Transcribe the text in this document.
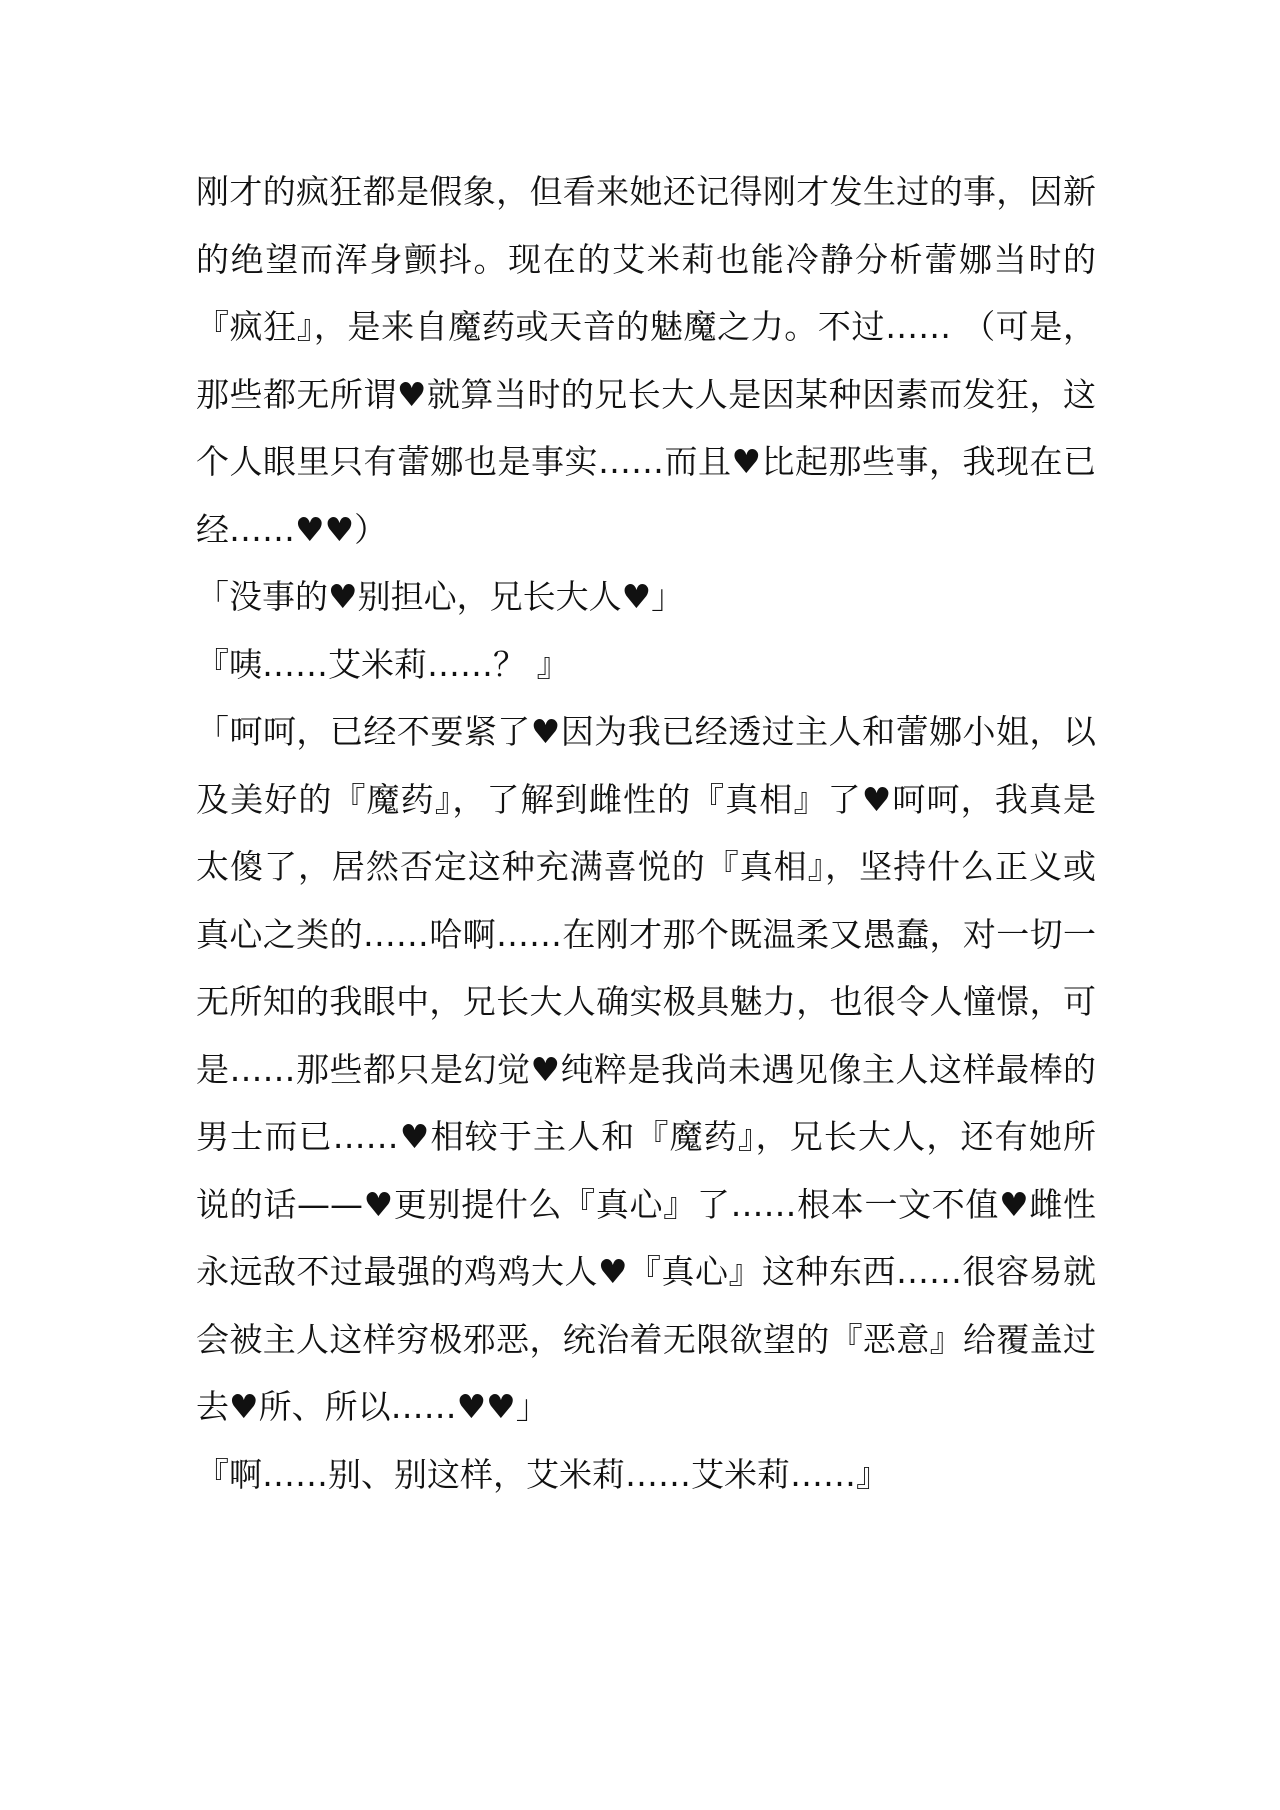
刚才的疯狂都是假象，但看来她还记得刚才发生过的事，因新的绝望而浑身颤抖。现在的艾米莉也能冷静分析蕾娜当时的『疯狂』，是来自魔药或天音的魅魔之力。不过…… （可是，那些都无所谓♥就算当时的兄长大人是因某种因素而发狂，这个人眼里只有蕾娜也是事实……而且♥比起那些事，我现在已经……♥♥）

「没事的♥别担心，兄长大人♥」

『咦……艾米莉……？ 』

「呵呵，已经不要紧了♥因为我已经透过主人和蕾娜小姐，以及美好的『魔药』，了解到雌性的『真相』了♥呵呵，我真是太傻了，居然否定这种充满喜悦的『真相』，坚持什么正义或真心之类的……哈啊……在刚才那个既温柔又愚蠢，对一切一无所知的我眼中，兄长大人确实极具魅力，也很令人憧憬，可是……那些都只是幻觉♥纯粹是我尚未遇见像主人这样最棒的男士而已……♥相较于主人和『魔药』，兄长大人，还有她所说的话——♥更别提什么『真心』了……根本一文不值♥雌性永远敌不过最强的鸡鸡大人♥『真心』这种东西……很容易就会被主人这样穷极邪恶，统治着无限欲望的『恶意』给覆盖过去♥所、所以……♥♥」

『啊……别、别这样，艾米莉……艾米莉……』
